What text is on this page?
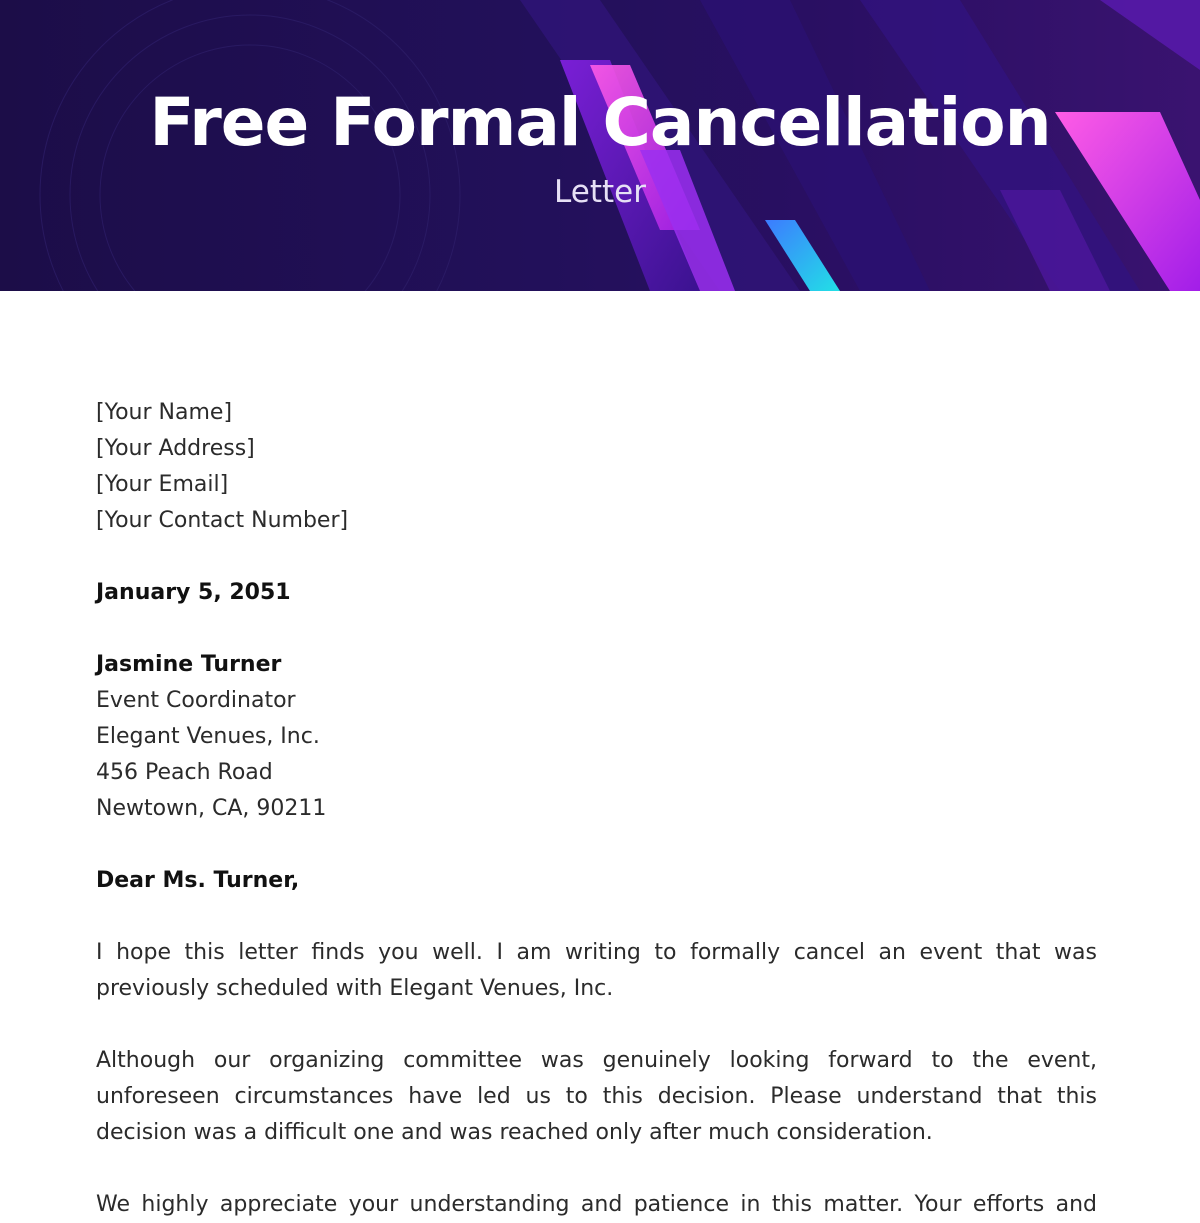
Free Formal Cancellation
Letter
[Your Name]
[Your Address]
[Your Email]
[Your Contact Number]
January 5, 2051
Jasmine Turner
Event Coordinator
Elegant Venues, Inc.
456 Peach Road
Newtown, CA, 90211
Dear Ms. Turner,

I hope this letter finds you well. I am writing to formally cancel an event that was previously scheduled with Elegant Venues, Inc.

Although our organizing committee was genuinely looking forward to the event, unforeseen circumstances have led us to this decision. Please understand that this decision was a difficult one and was reached only after much consideration.

We highly appreciate your understanding and patience in this matter. Your efforts and
